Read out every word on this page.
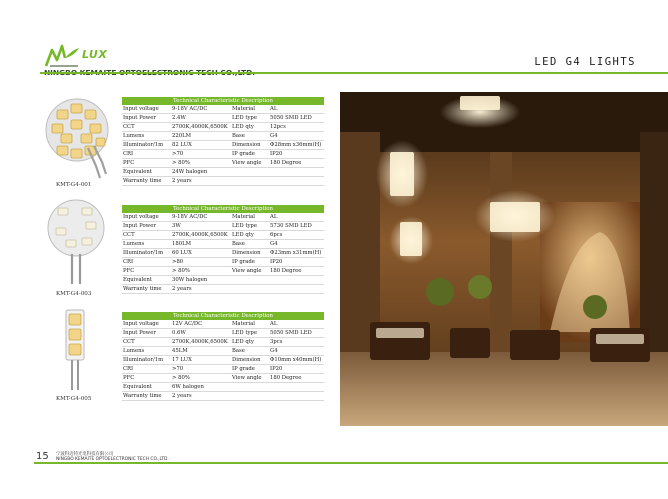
LUX
LED G4 LIGHTS
KMT-G4-001
KMT-G4-003
KMT-G4-005
Technical Characteristic Description
Input voltage 9-18V AC/DC	Material	AL
Input Power	2.4W	LED type 5050 SMD LED
CCT	2700K,4000K,6500K LED qty	12pcs
Lumens	220LM	Base	G4
Illuminator/1m 82 LUX	Dimension Φ28mm x36mm(H)
CRI	>70	IP grade	IP20
PFC	> 80%	View angle 180 Degree
Equivalent	24W halogen
Warranty time 2 years
Technical Characteristic Description
Input voltage 9-18V AC/DC	Material	AL
Input Power	3W	LED type 5730 SMD LED
CCT	2700K,4000K,6500K LED qty	6pcs
Lumens	180LM	Base	G4
Illuminator/1m 60 LUX	Dimension Φ23mm x31mm(H)
CRI	>80	IP grade	IP20
PFC	> 80%	View angle 180 Degree
Equivalent	30W halogen
Warranty time 2 years
Technical Characteristic Description
Input voltage 12V AC/DC	Material	AL
Input Power	0.6W	LED type 5050 SMD LED
CCT	2700K,4000K,6500K LED qty	3pcs
Lumens	45LM	Base	G4
Illuminator/1m 17 LUX	Dimension Φ10mm x40mm(H)
CRI	>70	IP grade	IP20
PFC	> 80%	View angle 180 Degree
Equivalent	6W halogen
Warranty time 2 years
15 宁波科迈特光电科技有限公司
NINGBO KEMAITE OPTOELECTRONIC TECH CO.,LTD.
